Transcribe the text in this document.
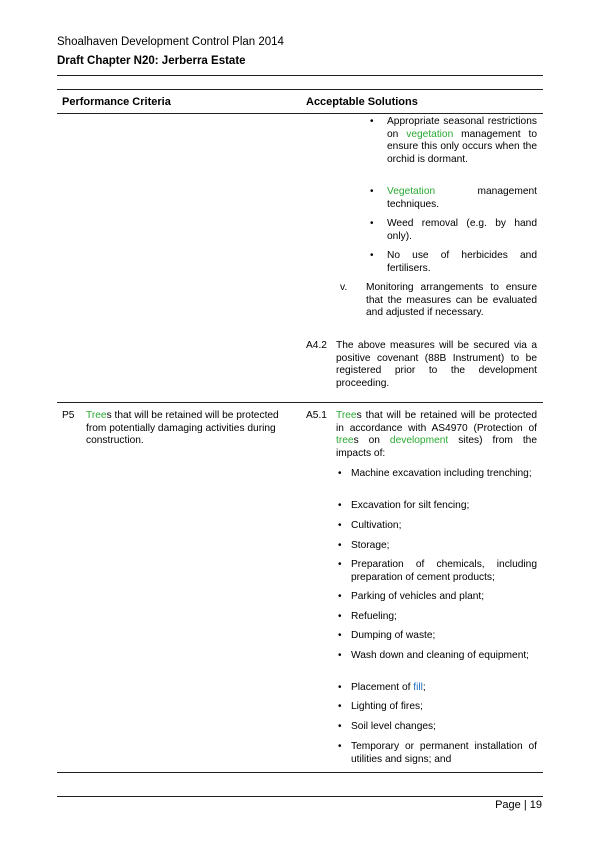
Shoalhaven Development Control Plan 2014
Draft Chapter N20: Jerberra Estate
Performance Criteria	Acceptable Solutions
• Appropriate seasonal restrictions on vegetation management to ensure this only occurs when the orchid is dormant.
• Vegetation management techniques.
• Weed removal (e.g. by hand only).
• No use of herbicides and fertilisers.
v. Monitoring arrangements to ensure that the measures can be evaluated and adjusted if necessary.
A4.2 The above measures will be secured via a positive covenant (88B Instrument) to be registered prior to the development proceeding.
P5 Trees that will be retained will be protected from potentially damaging activities during construction.
A5.1 Trees that will be retained will be protected in accordance with AS4970 (Protection of trees on development sites) from the impacts of:
• Machine excavation including trenching;
• Excavation for silt fencing;
• Cultivation;
• Storage;
• Preparation of chemicals, including preparation of cement products;
• Parking of vehicles and plant;
• Refueling;
• Dumping of waste;
• Wash down and cleaning of equipment;
• Placement of fill;
• Lighting of fires;
• Soil level changes;
• Temporary or permanent installation of utilities and signs; and
Page | 19
